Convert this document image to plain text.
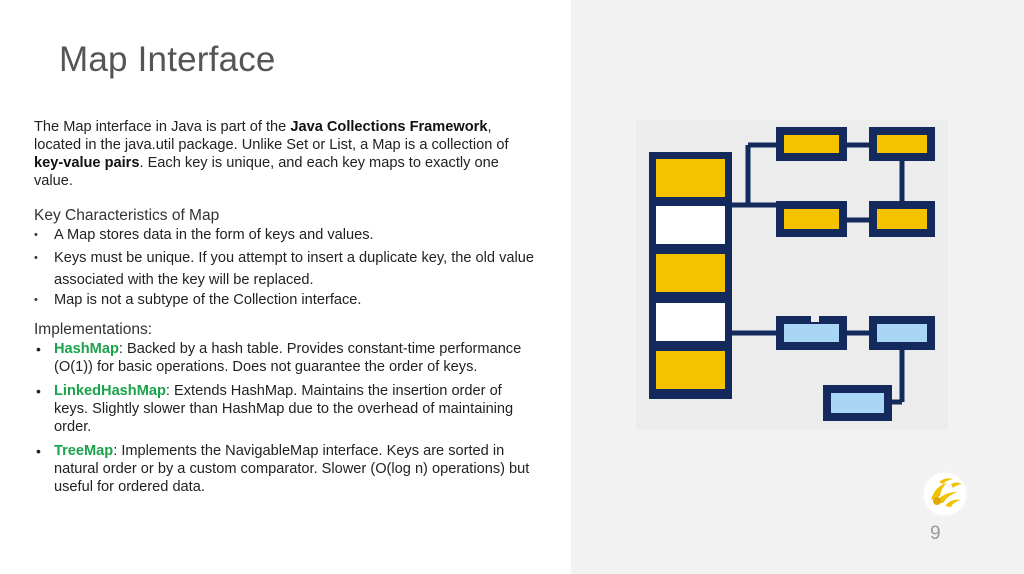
Map Interface

The Map interface in Java is part of the Java Collections Framework, located in the java.util package. Unlike Set or List, a Map is a collection of key-value pairs. Each key is unique, and each key maps to exactly one value.

Key Characteristics of Map

• A Map stores data in the form of keys and values.
• Keys must be unique. If you attempt to insert a duplicate key, the old value associated with the key will be replaced.
• Map is not a subtype of the Collection interface.

Implementations:

• HashMap: Backed by a hash table. Provides constant-time performance (O(1)) for basic operations. Does not guarantee the order of keys.
• LinkedHashMap: Extends HashMap. Maintains the insertion order of keys. Slightly slower than HashMap due to the overhead of maintaining order.
• TreeMap: Implements the NavigableMap interface. Keys are sorted in natural order or by a custom comparator. Slower (O(log n) operations) but useful for ordered data.
9
